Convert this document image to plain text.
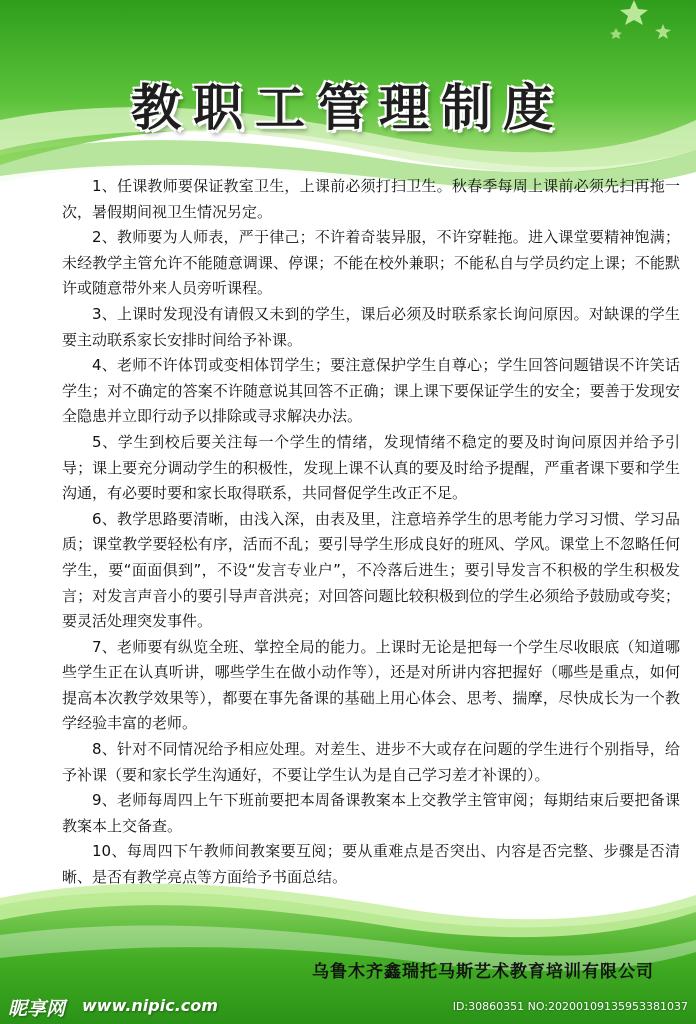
教职工管理制度

1、任课教师要保证教室卫生，上课前必须打扫卫生。秋春季每周上课前必须先扫再拖一次，暑假期间视卫生情况另定。

2、教师要为人师表，严于律己；不许着奇装异服，不许穿鞋拖。进入课堂要精神饱满；未经教学主管允许不能随意调课、停课；不能在校外兼职；不能私自与学员约定上课；不能默许或随意带外来人员旁听课程。

3、上课时发现没有请假又未到的学生，课后必须及时联系家长询问原因。对缺课的学生要主动联系家长安排时间给予补课。

4、老师不许体罚或变相体罚学生；要注意保护学生自尊心；学生回答问题错误不许笑话学生；对不确定的答案不许随意说其回答不正确；课上课下要保证学生的安全；要善于发现安全隐患并立即行动予以排除或寻求解决办法。

5、学生到校后要关注每一个学生的情绪，发现情绪不稳定的要及时询问原因并给予引导；课上要充分调动学生的积极性，发现上课不认真的要及时给予提醒，严重者课下要和学生沟通，有必要时要和家长取得联系，共同督促学生改正不足。

6、教学思路要清晰，由浅入深，由表及里，注意培养学生的思考能力学习习惯、学习品质；课堂教学要轻松有序，活而不乱；要引导学生形成良好的班风、学风。课堂上不忽略任何学生，要“面面俱到”，不设“发言专业户”，不冷落后进生；要引导发言不积极的学生积极发言；对发言声音小的要引导声音洪亮；对回答问题比较积极到位的学生必须给予鼓励或夸奖；要灵活处理突发事件。

7、老师要有纵览全班、掌控全局的能力。上课时无论是把每一个学生尽收眼底（知道哪些学生正在认真听讲，哪些学生在做小动作等），还是对所讲内容把握好（哪些是重点，如何提高本次教学效果等），都要在事先备课的基础上用心体会、思考、揣摩，尽快成长为一个教学经验丰富的老师。

8、针对不同情况给予相应处理。对差生、进步不大或存在问题的学生进行个别指导，给予补课（要和家长学生沟通好，不要让学生认为是自己学习差才补课的）。

9、老师每周四上午下班前要把本周备课教案本上交教学主管审阅；每期结束后要把备课教案本上交备查。

10、每周四下午教师间教案要互阅；要从重难点是否突出、内容是否完整、步骤是否清晰、是否有教学亮点等方面给予书面总结。

乌鲁木齐鑫瑞托马斯艺术教育培训有限公司
昵享网 www.nipic.com	ID:30860351 NO:20200109135953381037
